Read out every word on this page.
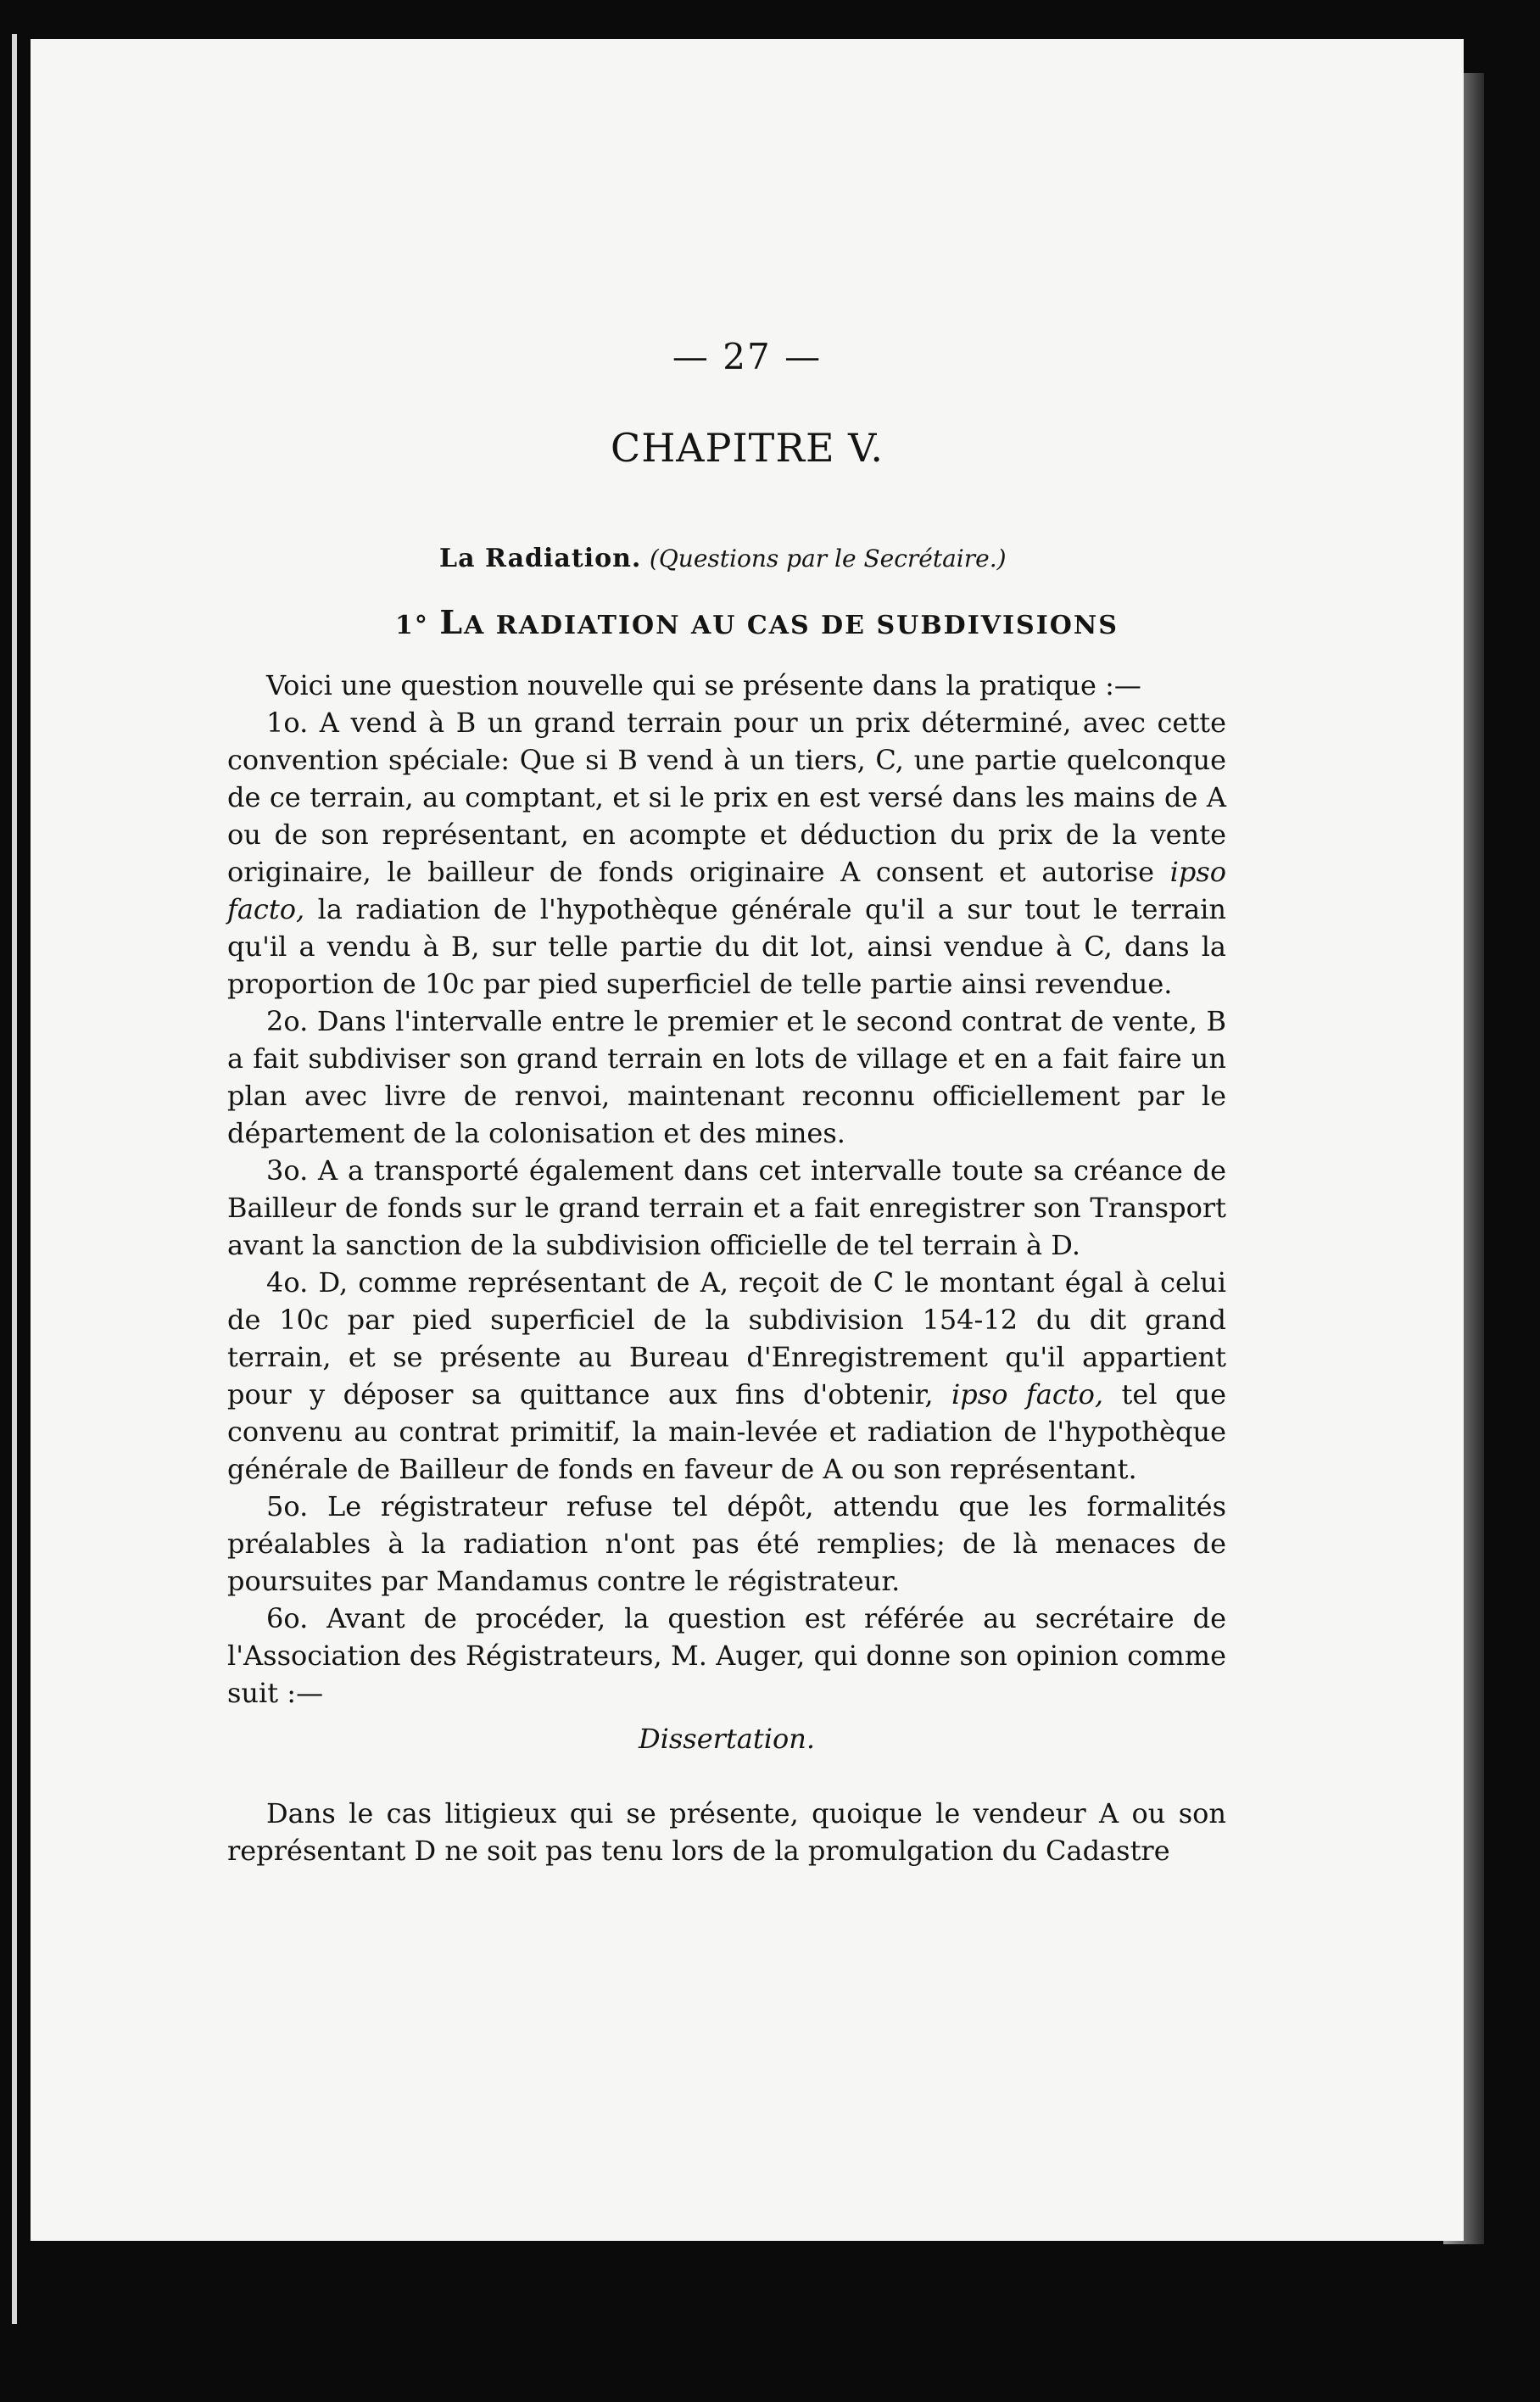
— 27 —
CHAPITRE V.
La Radiation. (Questions par le Secrétaire.)
1° LA RADIATION AU CAS DE SUBDIVISIONS

Voici une question nouvelle qui se présente dans la pratique :—

1o. A vend à B un grand terrain pour un prix déterminé, avec cette convention spéciale: Que si B vend à un tiers, C, une partie quelconque de ce terrain, au comptant, et si le prix en est versé dans les mains de A ou de son représentant, en acompte et déduction du prix de la vente originaire, le bailleur de fonds originaire A consent et autorise ipso facto, la radiation de l'hypothèque générale qu'il a sur tout le terrain qu'il a vendu à B, sur telle partie du dit lot, ainsi vendue à C, dans la proportion de 10c par pied superficiel de telle partie ainsi revendue.

2o. Dans l'intervalle entre le premier et le second contrat de vente, B a fait subdiviser son grand terrain en lots de village et en a fait faire un plan avec livre de renvoi, maintenant reconnu officiellement par le département de la colonisation et des mines.

3o. A a transporté également dans cet intervalle toute sa créance de Bailleur de fonds sur le grand terrain et a fait enregistrer son Transport avant la sanction de la subdivision officielle de tel terrain à D.

4o. D, comme représentant de A, reçoit de C le montant égal à celui de 10c par pied superficiel de la subdivision 154-12 du dit grand terrain, et se présente au Bureau d'Enregistrement qu'il appartient pour y déposer sa quittance aux fins d'obtenir, ipso facto, tel que convenu au contrat primitif, la main-levée et radiation de l'hypothèque générale de Bailleur de fonds en faveur de A ou son représentant.

5o. Le régistrateur refuse tel dépôt, attendu que les formalités préalables à la radiation n'ont pas été remplies; de là menaces de poursuites par Mandamus contre le régistrateur.

6o. Avant de procéder, la question est référée au secrétaire de l'Association des Régistrateurs, M. Auger, qui donne son opinion comme suit :—

Dissertation.

Dans le cas litigieux qui se présente, quoique le vendeur A ou son représentant D ne soit pas tenu lors de la promulgation du Cadastre
